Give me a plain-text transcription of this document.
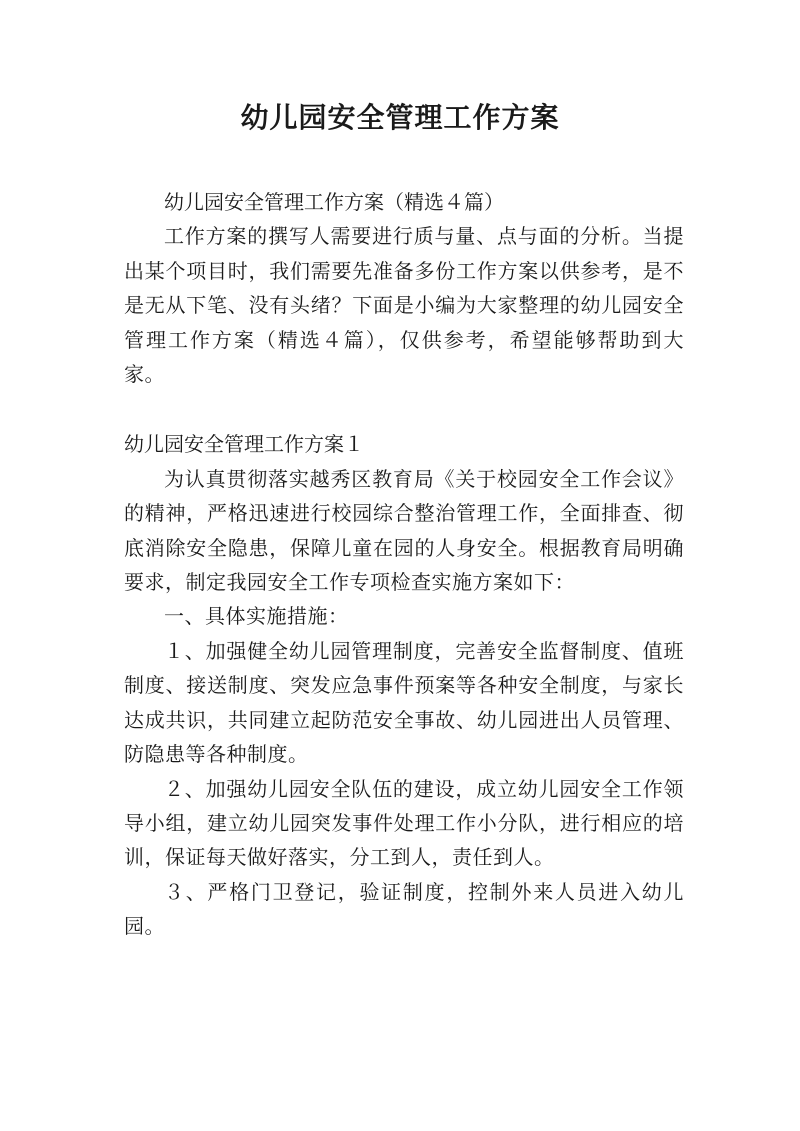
幼儿园安全管理工作方案

幼儿园安全管理工作方案（精选４篇）

工作方案的撰写人需要进行质与量、点与面的分析。当提出某个项目时，我们需要先准备多份工作方案以供参考，是不是无从下笔、没有头绪？下面是小编为大家整理的幼儿园安全管理工作方案（精选４篇），仅供参考，希望能够帮助到大家。

幼儿园安全管理工作方案１

为认真贯彻落实越秀区教育局《关于校园安全工作会议》的精神，严格迅速进行校园综合整治管理工作，全面排查、彻底消除安全隐患，保障儿童在园的人身安全。根据教育局明确要求，制定我园安全工作专项检查实施方案如下：

一、具体实施措施：

１、加强健全幼儿园管理制度，完善安全监督制度、值班制度、接送制度、突发应急事件预案等各种安全制度，与家长达成共识，共同建立起防范安全事故、幼儿园进出人员管理、防隐患等各种制度。

２、加强幼儿园安全队伍的建设，成立幼儿园安全工作领导小组，建立幼儿园突发事件处理工作小分队，进行相应的培训，保证每天做好落实，分工到人，责任到人。

３、严格门卫登记，验证制度，控制外来人员进入幼儿园。
